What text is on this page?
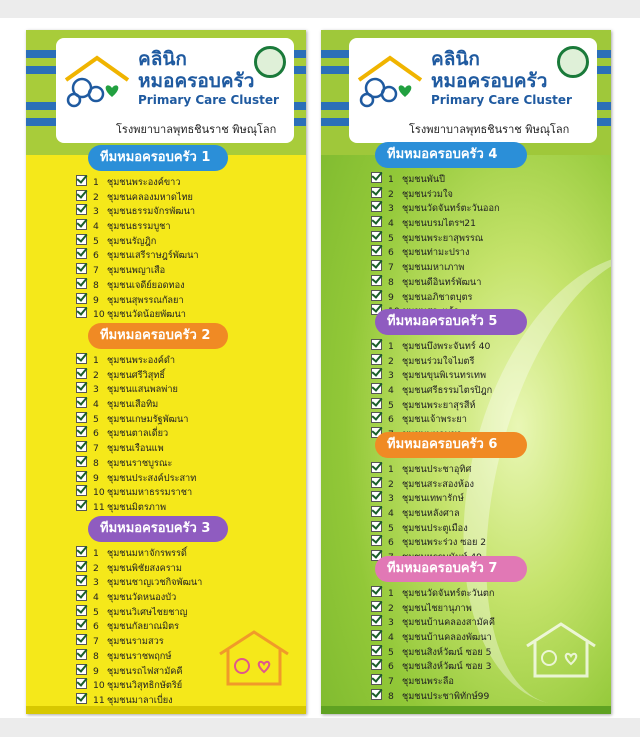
คลินิก
หมอครอบครัว
Primary Care Cluster
โรงพยาบาลพุทธชินราช พิษณุโลก
ทีมหมอครอบครัว 1
1 ชุมชนพระองค์ขาว
2 ชุมชนคลองมหาดไทย
3 ชุมชนธรรมจักรพัฒนา
4 ชุมชนธรรมบูชา
5 ชุมชนรัญฎิก
6 ชุมชนเสรีราษฎร์พัฒนา
7 ชุมชนพญาเสือ
8 ชุมชนเจดีย์ยอดทอง
9 ชุมชนสุพรรณกัลยา
10 ชุมชนวัดน้อยพัฒนา
ทีมหมอครอบครัว 2
1 ชุมชนพระองค์ดำ
2 ชุมชนศรีวิสุทธิ์
3 ชุมชนแสนพลพ่าย
4 ชุมชนเสือทิม
5 ชุมชนเกษมรัฐพัฒนา
6 ชุมชนตาลเดี่ยว
7 ชุมชนเรือนแพ
8 ชุมชนราชบูรณะ
9 ชุมชนประสงค์ประสาท
10 ชุมชนมหาธรรมราชา
11 ชุมชนมิตรภาพ
ทีมหมอครอบครัว 3
1 ชุมชนมหาจักรพรรดิ์
2 ชุมชนพิชัยสงคราม
3 ชุมชนชาญเวชกิจพัฒนา
4 ชุมชนวัดหนองบัว
5 ชุมชนวิเศษไชยชาญ
6 ชุมชนกัลยาณมิตร
7 ชุมชนรามสวร
8 ชุมชนราชพฤกษ์
9 ชุมชนรถไฟสามัคคี
10 ชุมชนวิสุทธิกษัตริย์
11 ชุมชนมาลาเบี่ยง
คลินิก
หมอครอบครัว
Primary Care Cluster
โรงพยาบาลพุทธชินราช พิษณุโลก
ทีมหมอครอบครัว 4
1 ชุมชนพันปี
2 ชุมชนร่วมใจ
3 ชุมชนวัดจันทร์ตะวันออก
4 ชุมชนบรมไตรฯ21
5 ชุมชนพระยาสุพรรณ
6 ชุมชนท่ามะปราง
7 ชุมชนมหาเภาพ
8 ชุมชนดีอินทร์พัฒนา
9 ชุมชนอภิชาตบุตร
ทีมหมอครอบครัว 5
1 ชุมชนบึงพระจันทร์ 40
2 ชุมชนร่วมใจไมตรี
3 ชุมชนขุนพิเรนทรเทพ
4 ชุมชนศรีธรรมไตรปิฎก
5 ชุมชนพระยาสุรสีห์
6 ชุมชนเจ้าพระยา
ทีมหมอครอบครัว 6
1 ชุมชนประชาอุทิศ
2 ชุมชนสระสองห้อง
3 ชุมชนเทพารักษ์
4 ชุมชนหลังศาล
5 ชุมชนประตูเมือง
6 ชุมชนพระร่วง ซอย 2
ทีมหมอครอบครัว 7
1 ชุมชนวัดจันทร์ตะวันตก
2 ชุมชนไชยานุภาพ
3 ชุมชนบ้านคลองสามัคคี
4 ชุมชนบ้านคลองพัฒนา
5 ชุมชนสิงห์วัฒน์ ซอย 5
6 ชุมชนสิงห์วัฒน์ ซอย 3
7 ชุมชนพระลือ
8 ชุมชนประชาพิทักษ์99
